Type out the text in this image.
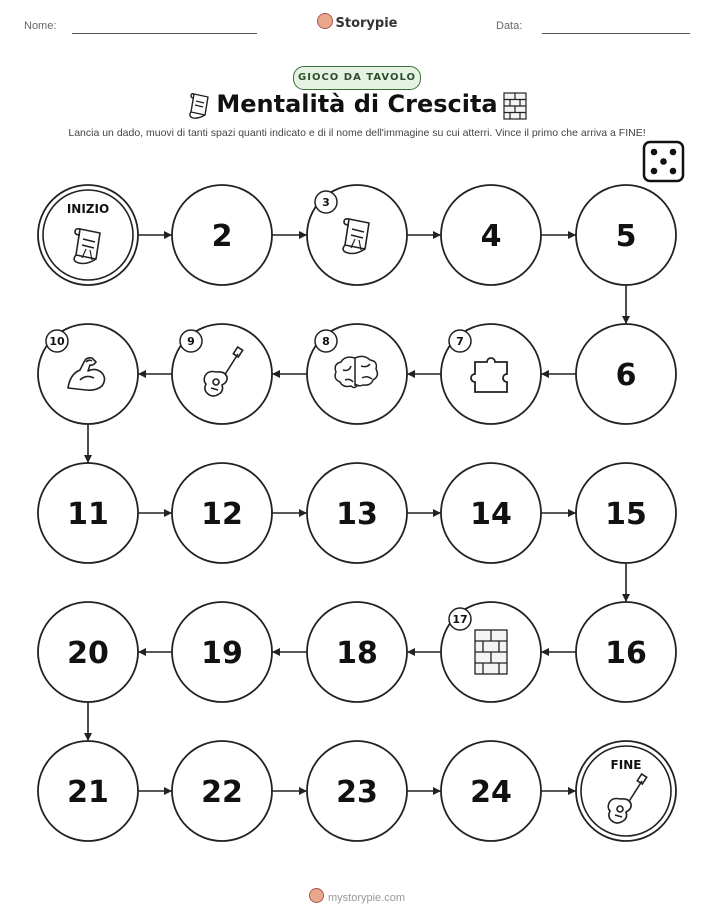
Nome:	Storypie	Data:
GIOCO DA TAVOLO
Mentalità di Crescita
Lancia un dado, muovi di tanti spazi quanti indicato e di il nome dell'immagine su cui atterri. Vince il primo che arriva a FINE!
INIZIO
2
3
4	5
6
7
8
9
10
11	12	13	14	15
16
17
18
19
20
21	22	23	24
FINE
mystorypie.com
